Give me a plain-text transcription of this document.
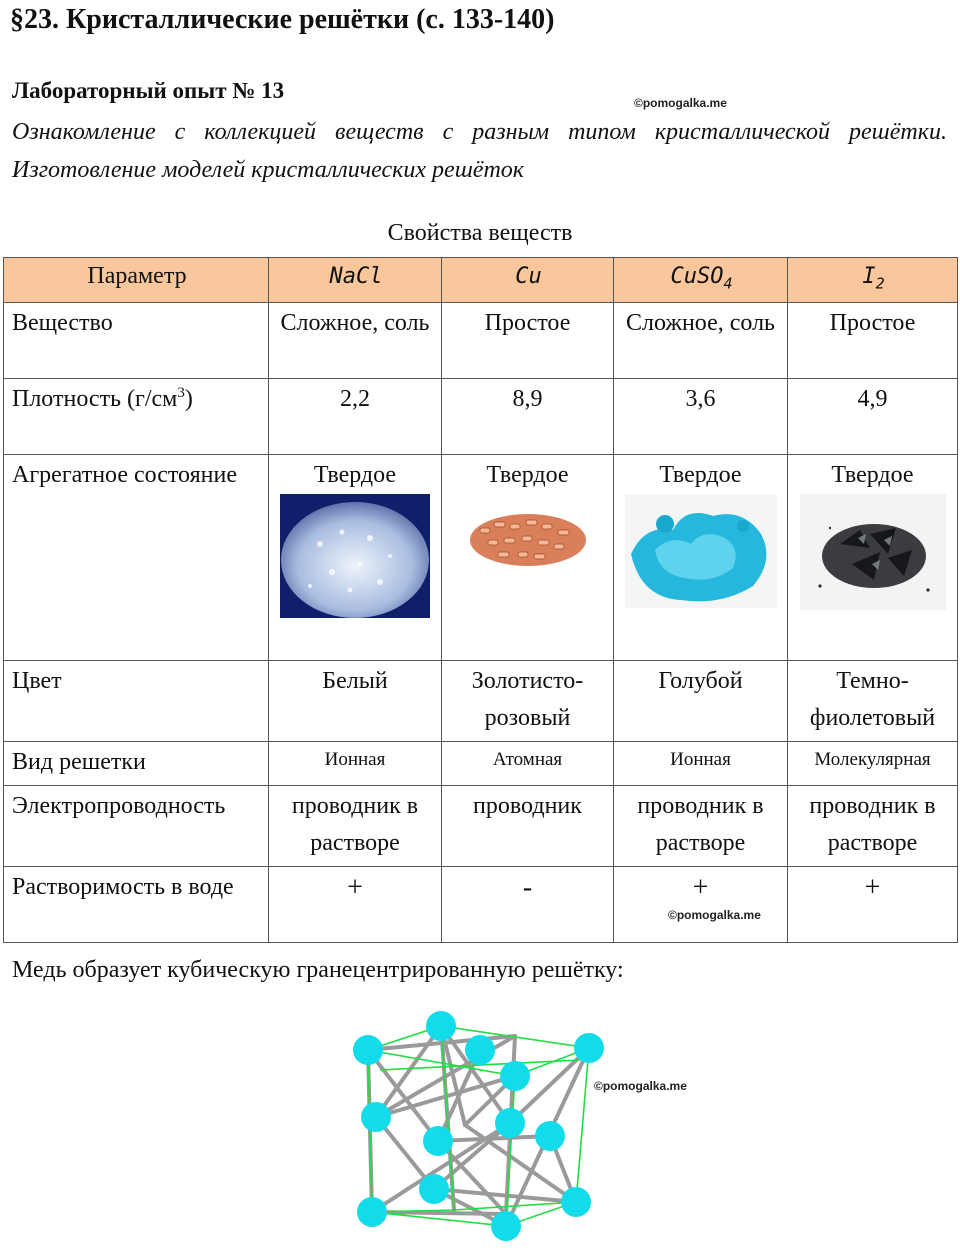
§23. Кристаллические решётки (с. 133-140)
Лабораторный опыт № 13	©pomogalka.me
Ознакомление с коллекцией веществ с разным типом кристаллической решётки. Изготовление моделей кристаллических решёток
Свойства веществ
Параметр	NaCl	Cu	CuSO$_4$	$I_2$
Вещество	Сложное, соль	Простое	Сложное, соль	Простое
Плотность $(г/см^3)$	2,2	8,9	3,6	4,9
Агрегатное состояние	Твердое	Твердое	Твердое	Твердое

Цвет	Белый	Золотисто-розовый	Голубой	Темно-фиолетовый
Вид решетки	Ионная	Атомная	Ионная	Молекулярная
Электропроводность	проводник в растворе	проводник	проводник в растворе	проводник в растворе
Растворимость в воде	+	-	+	+
©pomogalka.me
Медь образует кубическую гранецентрированную решётку:
©pomogalka.me
